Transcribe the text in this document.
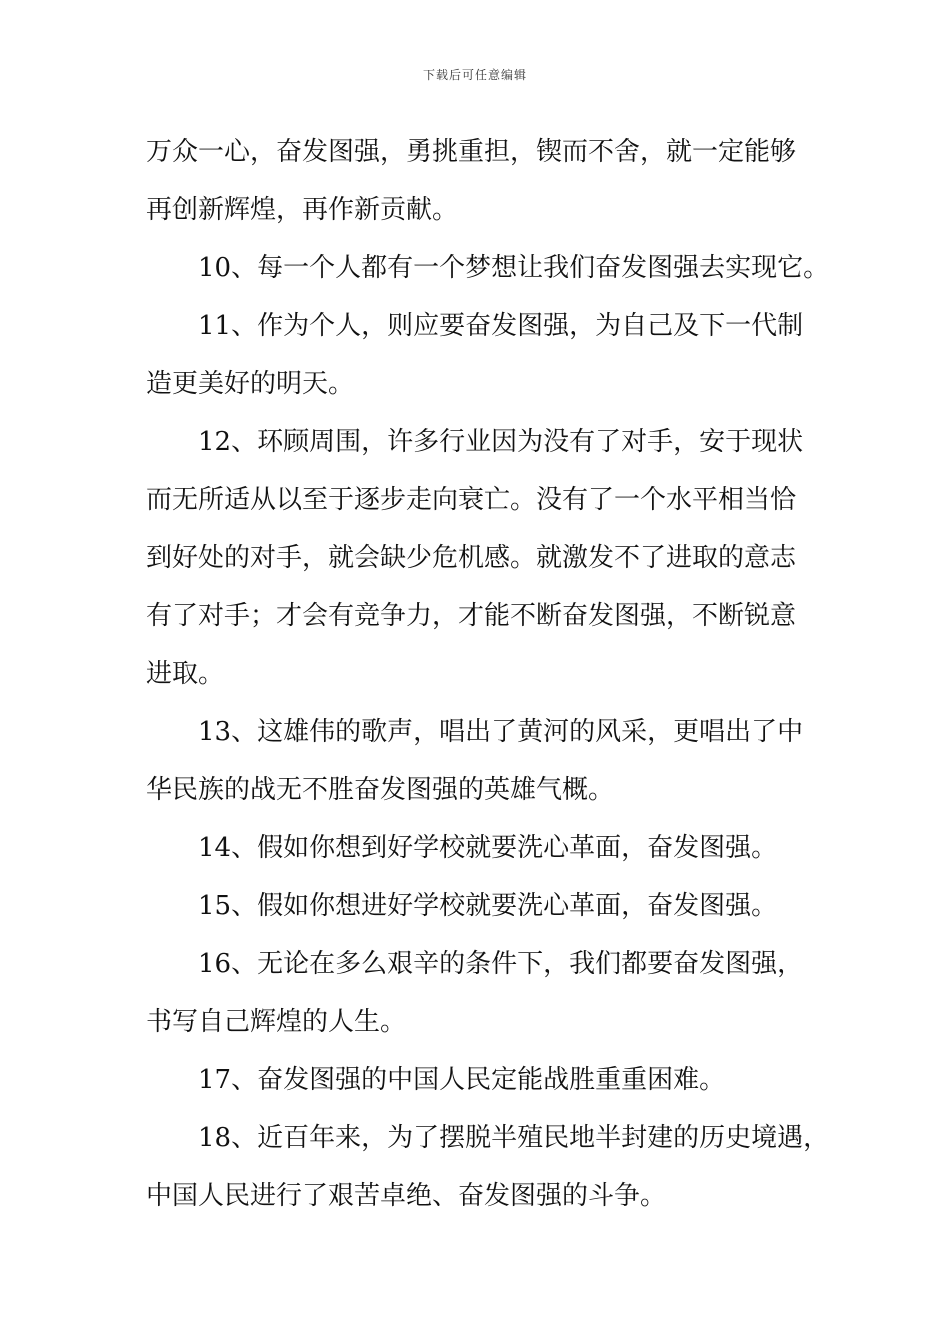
下载后可任意编辑
万众一心，奋发图强，勇挑重担，锲而不舍，就一定能够
再创新辉煌，再作新贡献。
10、每一个人都有一个梦想让我们奋发图强去实现它。
11、作为个人，则应要奋发图强，为自己及下一代制
造更美好的明天。
12、环顾周围，许多行业因为没有了对手，安于现状
而无所适从以至于逐步走向衰亡。没有了一个水平相当恰
到好处的对手，就会缺少危机感。就激发不了进取的意志
有了对手；才会有竞争力，才能不断奋发图强，不断锐意
进取。
13、这雄伟的歌声，唱出了黄河的风采，更唱出了中
华民族的战无不胜奋发图强的英雄气概。
14、假如你想到好学校就要洗心革面，奋发图强。
15、假如你想进好学校就要洗心革面，奋发图强。
16、无论在多么艰辛的条件下，我们都要奋发图强，
书写自己辉煌的人生。
17、奋发图强的中国人民定能战胜重重困难。
18、近百年来，为了摆脱半殖民地半封建的历史境遇，
中国人民进行了艰苦卓绝、奋发图强的斗争。
